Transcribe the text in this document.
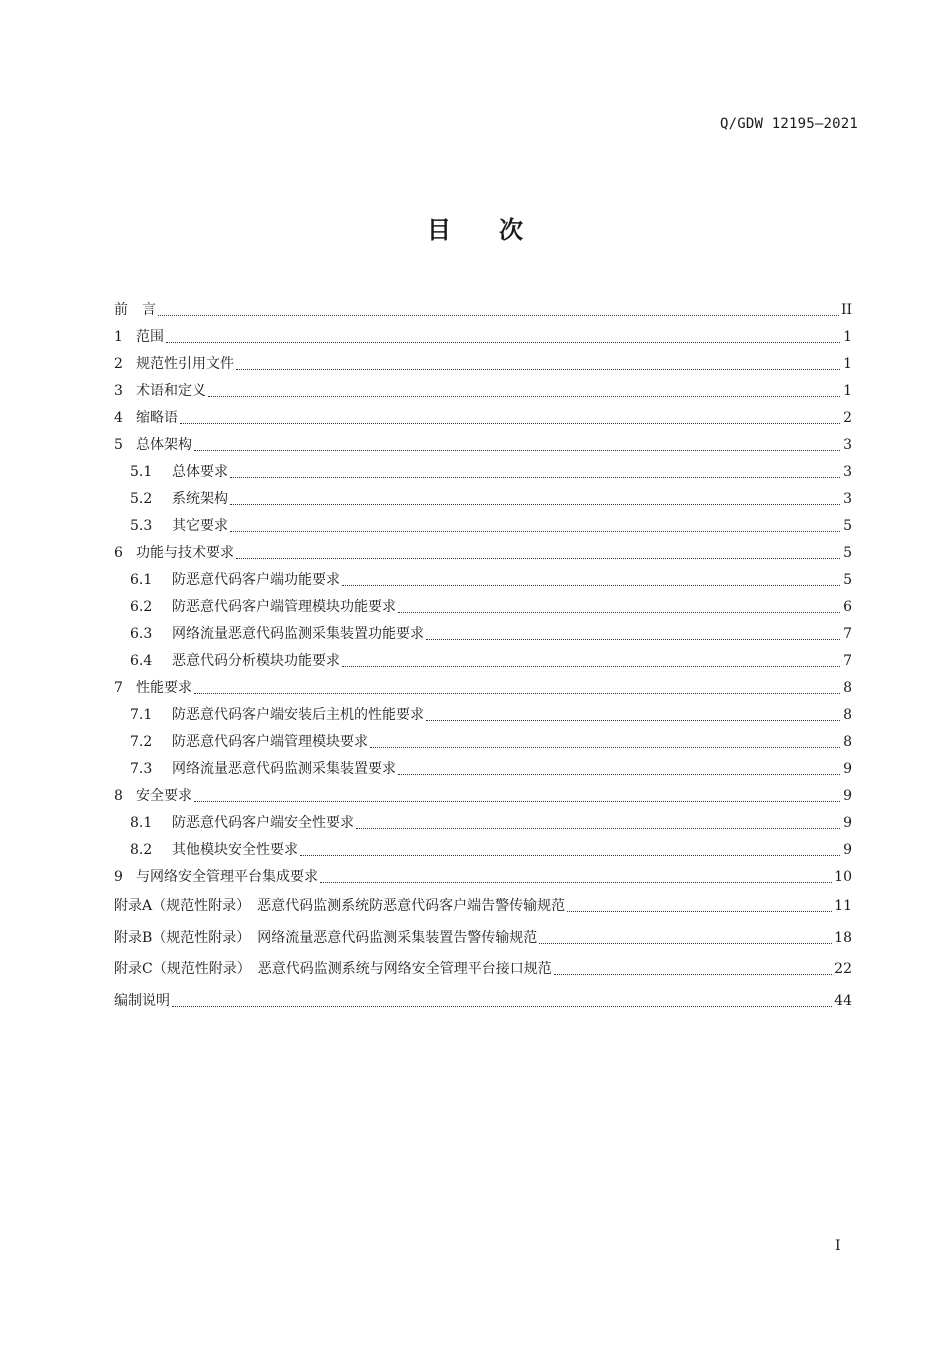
Q/GDW 12195—2021
目次
前　言	II
1 范围	1
2 规范性引用文件	1
3 术语和定义	1
4 缩略语	2
5 总体架构	3
5.1	总体要求	3
5.2	系统架构	3
5.3	其它要求	5
6 功能与技术要求	5
6.1	防恶意代码客户端功能要求	5
6.2	防恶意代码客户端管理模块功能要求	6
6.3	网络流量恶意代码监测采集装置功能要求	7
6.4	恶意代码分析模块功能要求	7
7 性能要求	8
7.1	防恶意代码客户端安装后主机的性能要求	8
7.2	防恶意代码客户端管理模块要求	8
7.3	网络流量恶意代码监测采集装置要求	9
8 安全要求	9
8.1	防恶意代码客户端安全性要求	9
8.2	其他模块安全性要求	9
9 与网络安全管理平台集成要求	10
附录A（规范性附录）　恶意代码监测系统防恶意代码客户端告警传输规范	11
附录B（规范性附录）　网络流量恶意代码监测采集装置告警传输规范	18
附录C（规范性附录）　恶意代码监测系统与网络安全管理平台接口规范	22
编制说明	44
I
